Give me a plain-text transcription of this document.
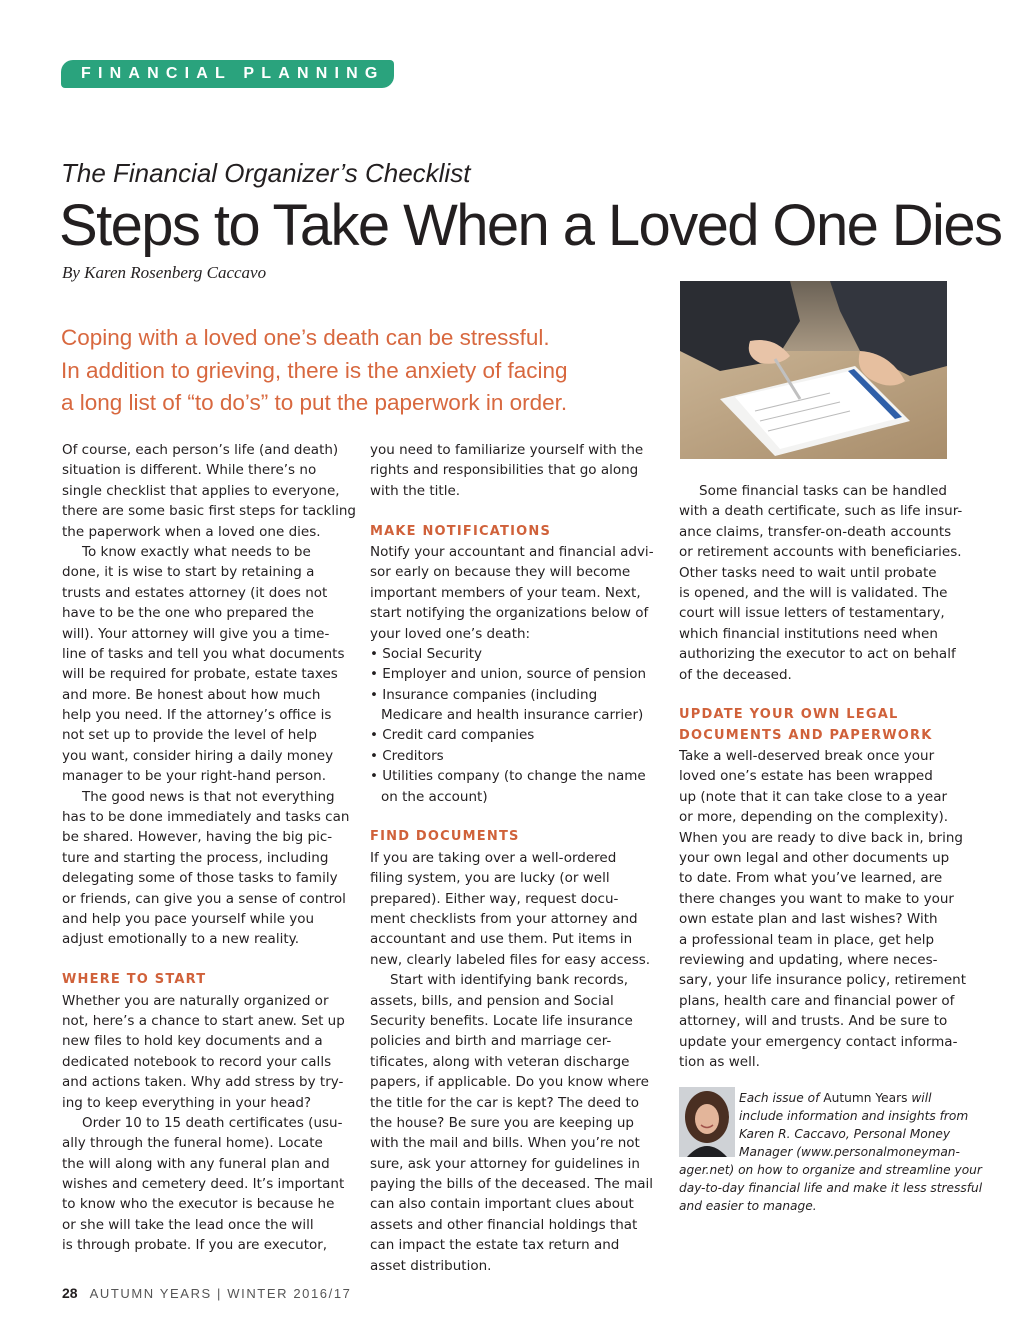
FINANCIAL PLANNING
The Financial Organizer’s Checklist
Steps to Take When a Loved One Dies
By Karen Rosenberg Caccavo
Coping with a loved one’s death can be stressful.
In addition to grieving, there is the anxiety of facing
a long list of “to do’s” to put the paperwork in order.
Of course, each person’s life (and death)
situation is different. While there’s no
single checklist that applies to everyone,
there are some basic first steps for tackling
the paperwork when a loved one dies.
To know exactly what needs to be
done, it is wise to start by retaining a
trusts and estates attorney (it does not
have to be the one who prepared the
will). Your attorney will give you a time-
line of tasks and tell you what documents
will be required for probate, estate taxes
and more. Be honest about how much
help you need. If the attorney’s office is
not set up to provide the level of help
you want, consider hiring a daily money
manager to be your right-hand person.
The good news is that not everything
has to be done immediately and tasks can
be shared. However, having the big pic-
ture and starting the process, including
delegating some of those tasks to family
or friends, can give you a sense of control
and help you pace yourself while you
adjust emotionally to a new reality.
WHERE TO START
Whether you are naturally organized or
not, here’s a chance to start anew. Set up
new files to hold key documents and a
dedicated notebook to record your calls
and actions taken. Why add stress by try-
ing to keep everything in your head?
Order 10 to 15 death certificates (usu-
ally through the funeral home). Locate
the will along with any funeral plan and
wishes and cemetery deed. It’s important
to know who the executor is because he
or she will take the lead once the will
is through probate. If you are executor,
you need to familiarize yourself with the
rights and responsibilities that go along
with the title.
MAKE NOTIFICATIONS
Notify your accountant and financial advi-
sor early on because they will become
important members of your team. Next,
start notifying the organizations below of
your loved one’s death:
• Social Security
• Employer and union, source of pension
• Insurance companies (including
Medicare and health insurance carrier)
• Credit card companies
• Creditors
• Utilities company (to change the name
on the account)
FIND DOCUMENTS
If you are taking over a well-ordered
filing system, you are lucky (or well
prepared). Either way, request docu-
ment checklists from your attorney and
accountant and use them. Put items in
new, clearly labeled files for easy access.
Start with identifying bank records,
assets, bills, and pension and Social
Security benefits. Locate life insurance
policies and birth and marriage cer-
tificates, along with veteran discharge
papers, if applicable. Do you know where
the title for the car is kept? The deed to
the house? Be sure you are keeping up
with the mail and bills. When you’re not
sure, ask your attorney for guidelines in
paying the bills of the deceased. The mail
can also contain important clues about
assets and other financial holdings that
can impact the estate tax return and
asset distribution.
Some financial tasks can be handled
with a death certificate, such as life insur-
ance claims, transfer-on-death accounts
or retirement accounts with beneficiaries.
Other tasks need to wait until probate
is opened, and the will is validated. The
court will issue letters of testamentary,
which financial institutions need when
authorizing the executor to act on behalf
of the deceased.
UPDATE YOUR OWN LEGAL
DOCUMENTS AND PAPERWORK
Take a well-deserved break once your
loved one’s estate has been wrapped
up (note that it can take close to a year
or more, depending on the complexity).
When you are ready to dive back in, bring
your own legal and other documents up
to date. From what you’ve learned, are
there changes you want to make to your
own estate plan and last wishes? With
a professional team in place, get help
reviewing and updating, where neces-
sary, your life insurance policy, retirement
plans, health care and financial power of
attorney, will and trusts. And be sure to
update your emergency contact informa-
tion as well.
Each issue of Autumn Years will
include information and insights from
Karen R. Caccavo, Personal Money
Manager (www.personalmoneyman-
ager.net) on how to organize and streamline your
day-to-day financial life and make it less stressful
and easier to manage.
28 AUTUMN YEARS | WINTER 2016/17
